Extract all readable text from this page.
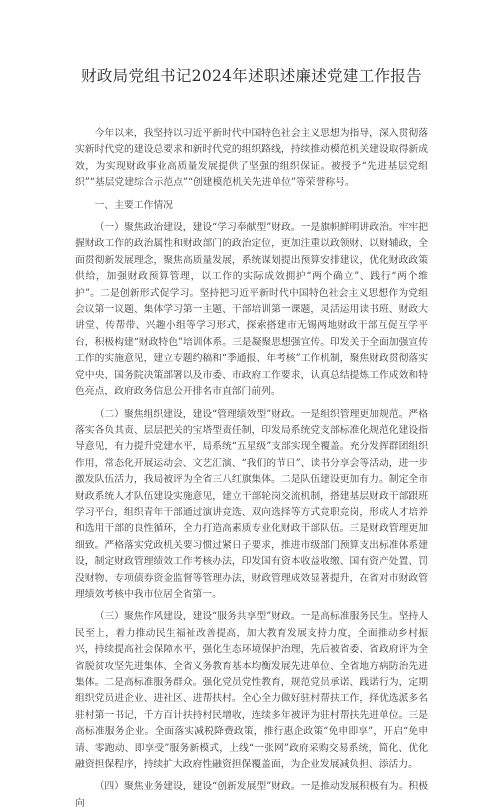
财政局党组书记2024年述职述廉述党建工作报告

今年以来，我坚持以习近平新时代中国特色社会主义思想为指导，深入贯彻落实新时代党的建设总要求和新时代党的组织路线，持续推动模范机关建设取得新成效，为实现财政事业高质量发展提供了坚强的组织保证。被授予“先进基层党组织”“基层党建综合示范点”“创建模范机关先进单位”等荣誉称号。

一、主要工作情况

（一）聚焦政治建设，建设“学习奉献型”财政。一是旗帜鲜明讲政治。牢牢把握财政工作的政治属性和财政部门的政治定位，更加注重以政领财、以财辅政，全面贯彻新发展理念，聚焦高质量发展，系统谋划提出预算安排建议，优化财政政策供给，加强财政预算管理，以工作的实际成效拥护“两个确立”、践行“两个维护”。二是创新形式促学习。坚持把习近平新时代中国特色社会主义思想作为党组会议第一议题、集体学习第一主题、干部培训第一课题，灵活运用读书班、财政大讲堂、传帮带、兴趣小组等学习形式，探索搭建市无锡两地财政干部互促互学平台，积极构建“财政特色”培训体系。三是凝聚思想强宣传。印发关于全面加强宣传工作的实施意见，建立专题约稿和“季通报、年考核”工作机制，聚焦财政贯彻落实党中央、国务院决策部署以及市委、市政府工作要求，认真总结提炼工作成效和特色亮点，政府政务信息公开排名市直部门前列。

（二）聚焦组织建设，建设“管理绩效型”财政。一是组织管理更加规范。严格落实各负其责、层层把关的宝塔型责任制，印发局系统党支部标准化规范化建设指导意见，有力提升党建水平，局系统“五星级”支部实现全覆盖。充分发挥群团组织作用，常态化开展运动会、文艺汇演、“我们的节日”、读书分享会等活动，进一步激发队伍活力，我局被评为全省三八红旗集体。二是队伍建设更加有力。制定全市财政系统人才队伍建设实施意见，建立干部轮岗交流机制，搭建基层财政干部跟班学习平台，组织青年干部通过演讲竞选、双向选择等方式竞职竞岗，形成人才培养和选用干部的良性循环，全力打造高素质专业化财政干部队伍。三是财政管理更加细致。严格落实党政机关要习惯过紧日子要求，推进市级部门预算支出标准体系建设，制定财政管理绩效工作考核办法，印发国有资本收益收缴、国有资产处置、罚没财物、专项债券资金监督等管理办法，财政管理成效显著提升，在省对市财政管理绩效考核中我市位居全省第一。

（三）聚焦作风建设，建设“服务共享型”财政。一是高标准服务民生。坚持人民至上，着力推动民生福祉改善提高，加大教育发展支持力度，全面推动乡村振兴，持续提高社会保障水平，强化生态环境保护治理，先后被省委、省政府评为全省脱贫攻坚先进集体、全省义务教育基本均衡发展先进单位、全省地方病防治先进集体。二是高标准服务群众。强化党员党性教育，规范党员承诺、践诺行为，定期组织党员进企业、进社区、进帮扶村。全心全力做好驻村帮扶工作，择优选派多名驻村第一书记，千方百计扶持村民增收，连续多年被评为驻村帮扶先进单位。三是高标准服务企业。全面落实减税降费政策，推行惠企政策“免申即享”，开启“免申请、零跑动、即享受”服务新模式，上线“一张网”政府采购交易系统，简化、优化融资担保程序，持续扩大政府性融资担保覆盖面，为企业发展减负担、添活力。

（四）聚焦业务建设，建设“创新发展型”财政。一是推动发展积极有为。积极向
